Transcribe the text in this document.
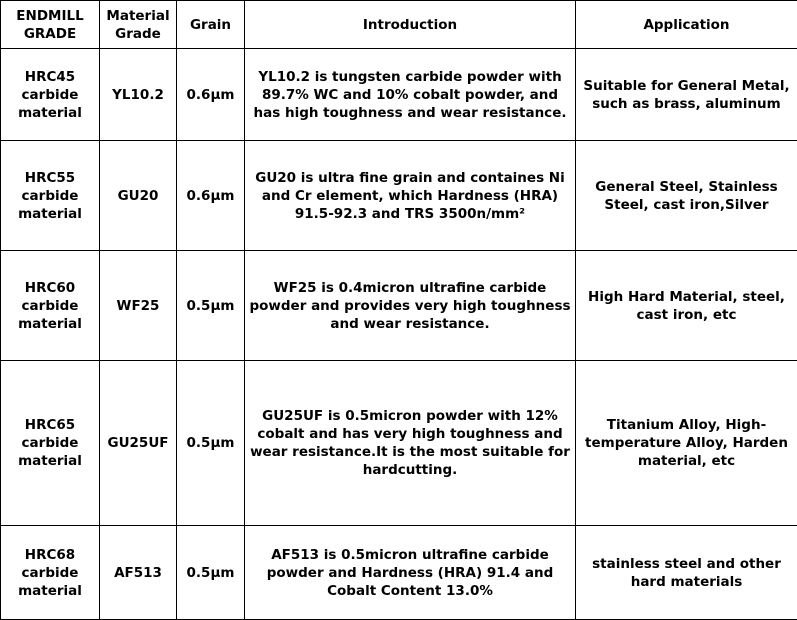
ENDMILL GRADE	Material Grade	Grain	Introduction	Application
HRC45 carbide material	YL10.2	0.6μm	YL10.2 is tungsten carbide powder with 89.7% WC and 10% cobalt powder, and has high toughness and wear resistance.	Suitable for General Metal, such as brass, aluminum
HRC55 carbide material	GU20	0.6μm	GU20 is ultra fine grain and containes Ni and Cr element, which Hardness (HRA) 91.5-92.3 and TRS 3500n/mm²	General Steel, Stainless Steel, cast iron,Silver
HRC60 carbide material	WF25	0.5μm	WF25 is 0.4micron ultrafine carbide powder and provides very high toughness and wear resistance.	High Hard Material, steel, cast iron, etc
HRC65 carbide material	GU25UF	0.5μm	GU25UF is 0.5micron powder with 12% cobalt and has very high toughness and wear resistance.It is the most suitable for hardcutting.	Titanium Alloy, High-temperature Alloy, Harden material, etc
HRC68 carbide material	AF513	0.5μm	AF513 is 0.5micron ultrafine carbide powder and Hardness (HRA) 91.4 and Cobalt Content 13.0%	stainless steel and other hard materials
